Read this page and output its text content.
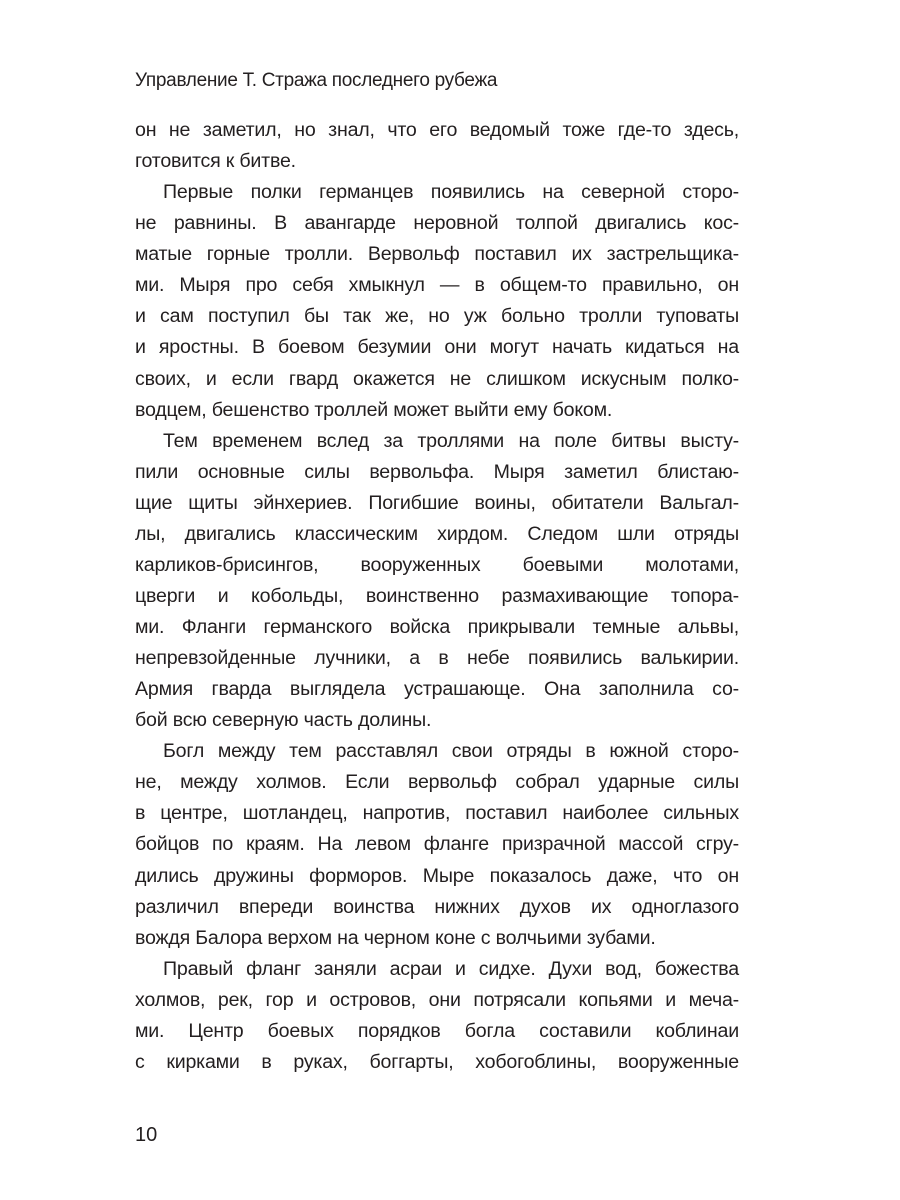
Управление Т. Стража последнего рубежа
он не заметил, но знал, что его ведомый тоже где-то здесь,
готовится к битве.
Первые полки германцев появились на северной сторо-
не равнины. В авангарде неровной толпой двигались кос-
матые горные тролли. Вервольф поставил их застрельщика-
ми. Мыря про себя хмыкнул — в общем-то правильно, он
и сам поступил бы так же, но уж больно тролли туповаты
и яростны. В боевом безумии они могут начать кидаться на
своих, и если гвард окажется не слишком искусным полко-
водцем, бешенство троллей может выйти ему боком.
Тем временем вслед за троллями на поле битвы высту-
пили основные силы вервольфа. Мыря заметил блистаю-
щие щиты эйнхериев. Погибшие воины, обитатели Вальгал-
лы, двигались классическим хирдом. Следом шли отряды
карликов-брисингов, вооруженных боевыми молотами,
цверги и кобольды, воинственно размахивающие топора-
ми. Фланги германского войска прикрывали темные альвы,
непревзойденные лучники, а в небе появились валькирии.
Армия гварда выглядела устрашающе. Она заполнила со-
бой всю северную часть долины.
Богл между тем расставлял свои отряды в южной сторо-
не, между холмов. Если вервольф собрал ударные силы
в центре, шотландец, напротив, поставил наиболее сильных
бойцов по краям. На левом фланге призрачной массой сгру-
дились дружины форморов. Мыре показалось даже, что он
различил впереди воинства нижних духов их одноглазого
вождя Балора верхом на черном коне с волчьими зубами.
Правый фланг заняли асраи и сидхе. Духи вод, божества
холмов, рек, гор и островов, они потрясали копьями и меча-
ми. Центр боевых порядков богла составили коблинаи
с кирками в руках, боггарты, хобогоблины, вооруженные
10
